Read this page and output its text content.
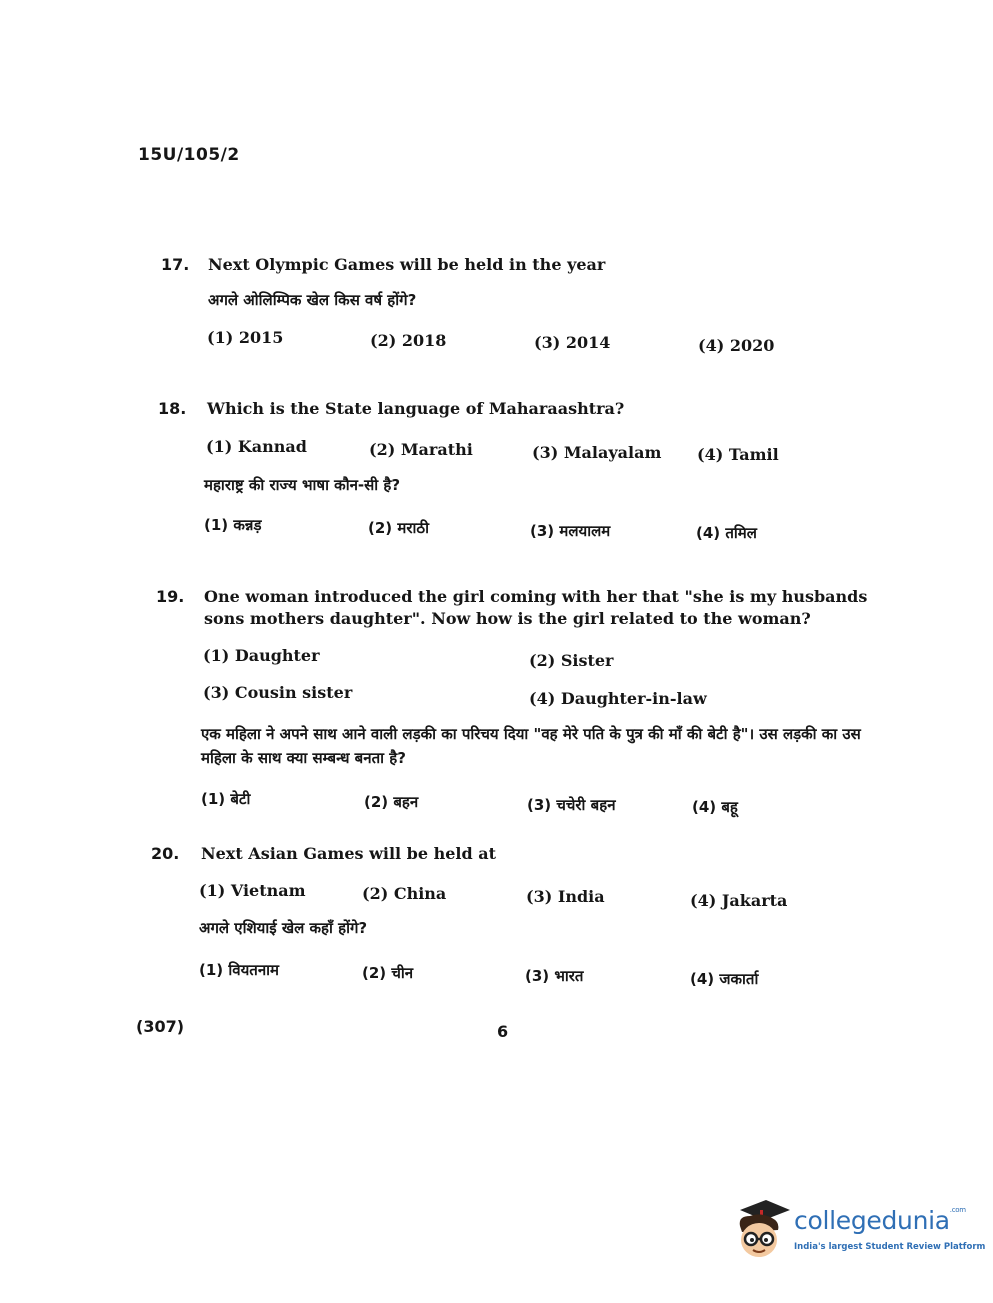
15U/105/2
17. Next Olympic Games will be held in the year
अगले ओलिम्पिक खेल किस वर्ष होंगे?
(1) 2015	(2) 2018	(3) 2014	(4) 2020
18. Which is the State language of Maharaashtra?
(1) Kannad	(2) Marathi	(3) Malayalam (4) Tamil
महाराष्ट्र की राज्य भाषा कौन-सी है?
(1) कन्नड़	(2) मराठी	(3) मलयालम	(4) तमिल
19. One woman introduced the girl coming with her that "she is my husbands sons mothers daughter". Now how is the girl related to the woman?
(1) Daughter	(2) Sister
(3) Cousin sister	(4) Daughter-in-law
एक महिला ने अपने साथ आने वाली लड़की का परिचय दिया "वह मेरे पति के पुत्र की माँ की बेटी है"। उस लड़की का उस महिला के साथ क्या सम्बन्ध बनता है?
(1) बेटी	(2) बहन	(3) चचेरी बहन	(4) बहू
20. Next Asian Games will be held at
(1) Vietnam	(2) China	(3) India	(4) Jakarta
अगले एशियाई खेल कहाँ होंगे?
(1) वियतनाम	(2) चीन	(3) भारत	(4) जकार्ता
(307)	6
collegedunia$^{.com}$
India's largest Student Review Platform
